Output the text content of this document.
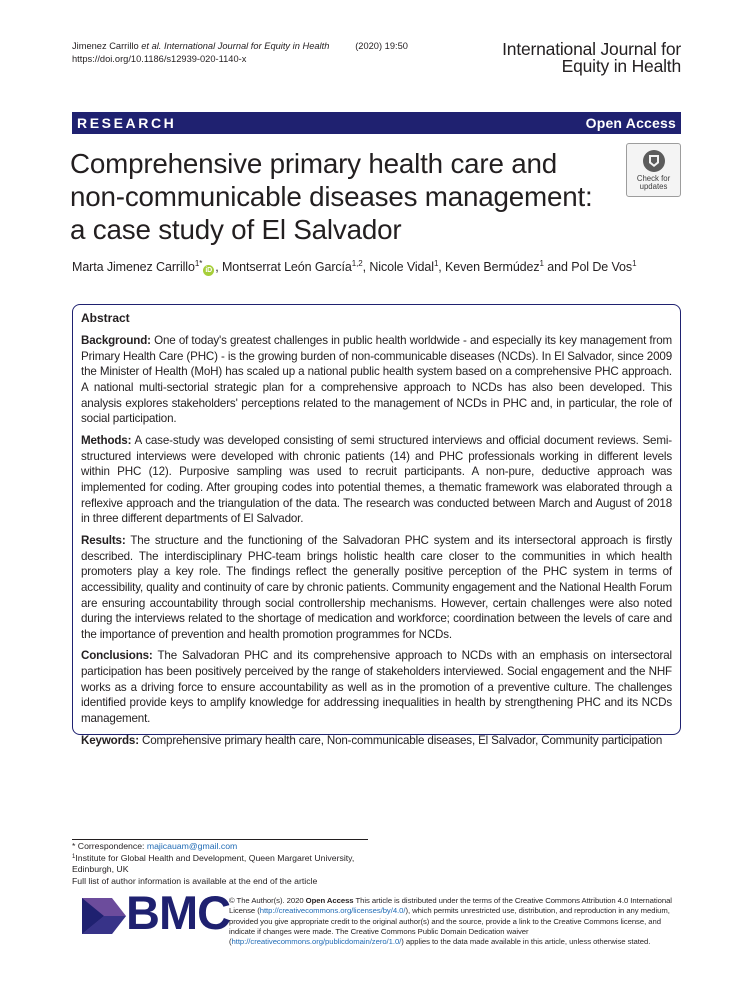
Jimenez Carrillo et al. International Journal for Equity in Health	(2020) 19:50
https://doi.org/10.1186/s12939-020-1140-x	International Journal for
Equity in Health
RESEARCH	Open Access
Comprehensive primary health care and
non-communicable diseases management:
a case study of El Salvador
Check for
updates
Marta Jimenez Carrillo$^{1*}$iD , Montserrat León García$^{1,2}$, Nicole Vidal$^1$, Keven Bermúdez$^1$ and Pol De Vos$^1$
Abstract

Background: One of today's greatest challenges in public health worldwide - and especially its key management from Primary Health Care (PHC) - is the growing burden of non-communicable diseases (NCDs). In El Salvador, since 2009 the Minister of Health (MoH) has scaled up a national public health system based on a comprehensive PHC approach. A national multi-sectorial strategic plan for a comprehensive approach to NCDs has also been developed. This analysis explores stakeholders' perceptions related to the management of NCDs in PHC and, in particular, the role of social participation.

Methods: A case-study was developed consisting of semi structured interviews and official document reviews. Semi-structured interviews were developed with chronic patients (14) and PHC professionals working in different levels within PHC (12). Purposive sampling was used to recruit participants. A non-pure, deductive approach was implemented for coding. After grouping codes into potential themes, a thematic framework was elaborated through a reflexive approach and the triangulation of the data. The research was conducted between March and August of 2018 in three different departments of El Salvador.

Results: The structure and the functioning of the Salvadoran PHC system and its intersectoral approach is firstly described. The interdisciplinary PHC-team brings holistic health care closer to the communities in which health promoters play a key role. The findings reflect the generally positive perception of the PHC system in terms of accessibility, quality and continuity of care by chronic patients. Community engagement and the National Health Forum are ensuring accountability through social controllership mechanisms. However, certain challenges were also noted during the interviews related to the shortage of medication and workforce; coordination between the levels of care and the importance of prevention and health promotion programmes for NCDs.

Conclusions: The Salvadoran PHC and its comprehensive approach to NCDs with an emphasis on intersectoral participation has been positively perceived by the range of stakeholders interviewed. Social engagement and the NHF works as a driving force to ensure accountability as well as in the promotion of a preventive culture. The challenges identified provide keys to amplify knowledge for addressing inequalities in health by strengthening PHC and its NCDs management.

Keywords: Comprehensive primary health care, Non-communicable diseases, El Salvador, Community participation

* Correspondence: majicauam@gmail.com
$^1$Institute for Global Health and Development, Queen Margaret University,
Edinburgh, UK
Full list of author information is available at the end of the article
BMC
© The Author(s). 2020 Open Access This article is distributed under the terms of the Creative Commons Attribution 4.0 International License (http://creativecommons.org/licenses/by/4.0/), which permits unrestricted use, distribution, and reproduction in any medium, provided you give appropriate credit to the original author(s) and the source, provide a link to the Creative Commons license, and indicate if changes were made. The Creative Commons Public Domain Dedication waiver (http://creativecommons.org/publicdomain/zero/1.0/) applies to the data made available in this article, unless otherwise stated.
